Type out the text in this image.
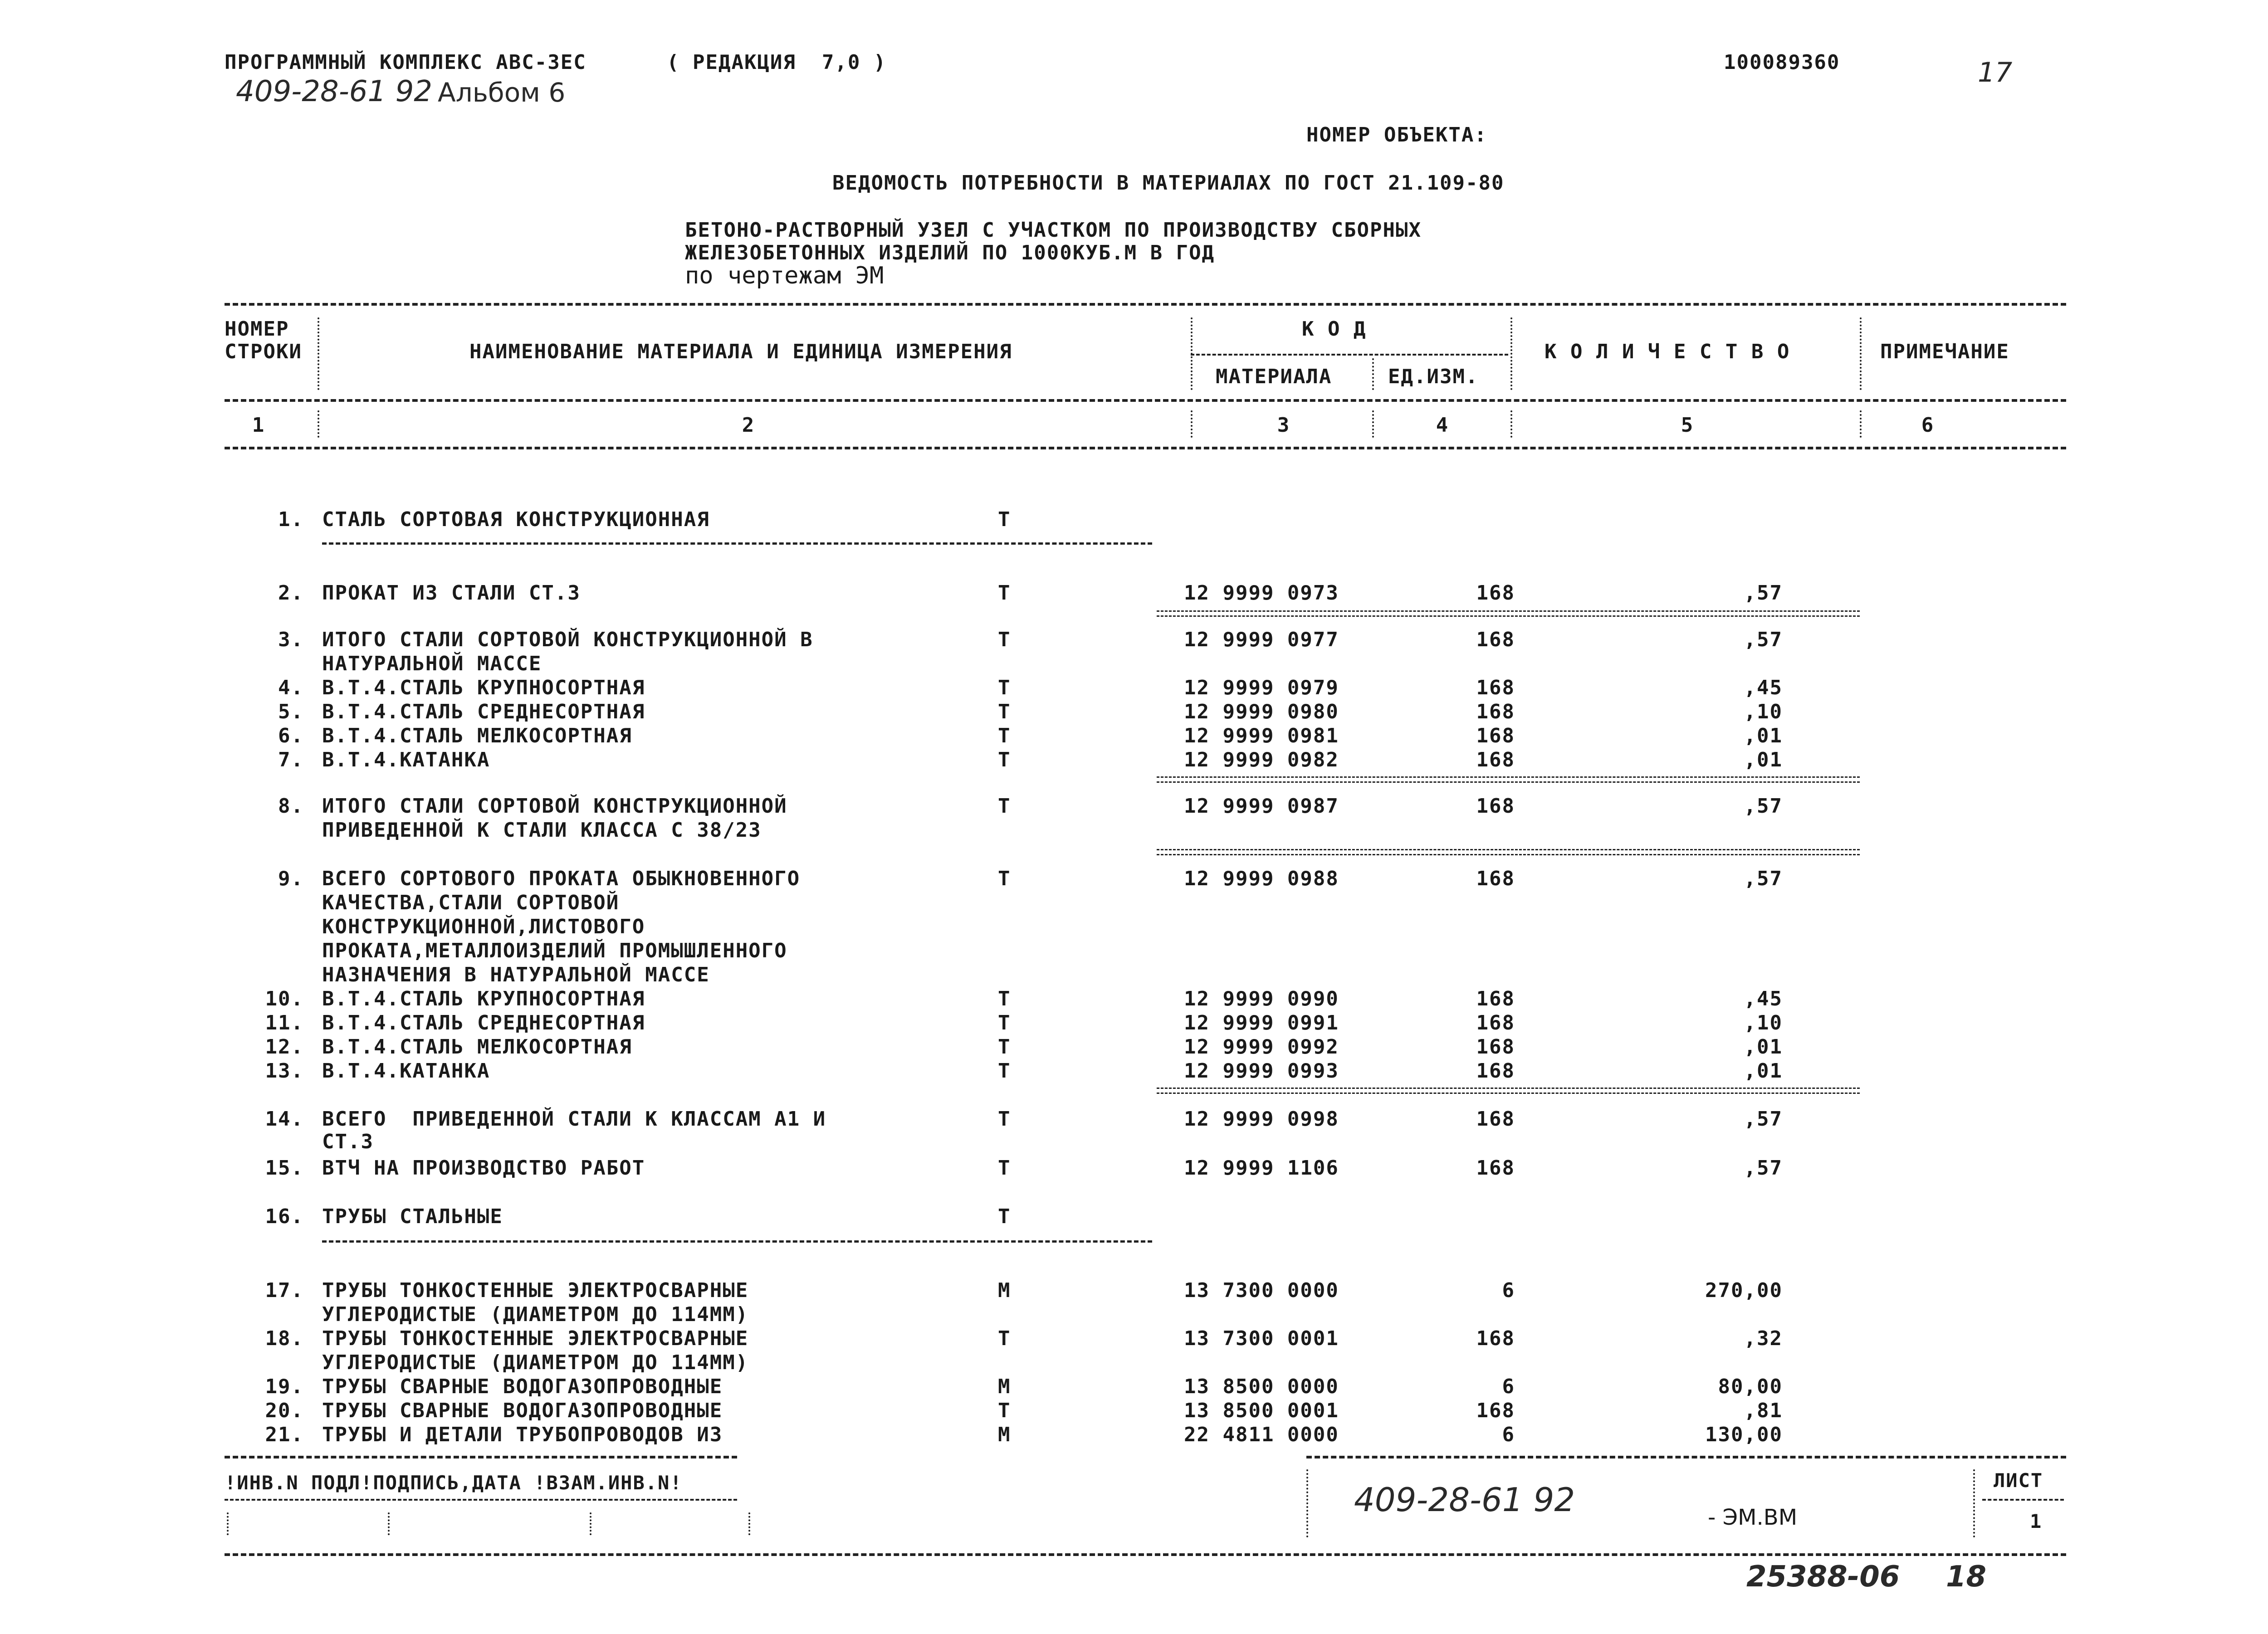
ПРОГРАММНЫЙ КОМПЛЕКС АВС-3ЕС	( РЕДАКЦИЯ  7,0 )
409-28-61 92 Альбом 6
100089360	17
НОМЕР ОБЪЕКТА:
ВЕДОМОСТЬ ПОТРЕБНОСТИ В МАТЕРИАЛАХ ПО ГОСТ 21.109-80
БЕТОНО-РАСТВОРНЫЙ УЗЕЛ С УЧАСТКОМ ПО ПРОИЗВОДСТВУ СБОРНЫХ
ЖЕЛЕЗОБЕТОННЫХ ИЗДЕЛИЙ ПО 1000КУБ.М В ГОД
по чертежам ЭМ
НОМЕР
СТРОКИ	НАИМЕНОВАНИЕ МАТЕРИАЛА И ЕДИНИЦА ИЗМЕРЕНИЯ
К О Д
МАТЕРИАЛА	ЕД.ИЗМ.
К О Л И Ч Е С Т В О	ПРИМЕЧАНИЕ
1	2	3	4	5	6
1. СТАЛЬ СОРТОВАЯ КОНСТРУКЦИОННАЯ	Т
2. ПРОКАТ ИЗ СТАЛИ СТ.3	Т	12 9999 0973	168	,57
3. ИТОГО СТАЛИ СОРТОВОЙ КОНСТРУКЦИОННОЙ В	Т	12 9999 0977	168	,57
НАТУРАЛЬНОЙ МАССЕ
4. В.Т.4.СТАЛЬ КРУПНОСОРТНАЯ	Т	12 9999 0979	168	,45
5. В.Т.4.СТАЛЬ СРЕДНЕСОРТНАЯ	Т	12 9999 0980	168	,10
6. В.Т.4.СТАЛЬ МЕЛКОСОРТНАЯ	Т	12 9999 0981	168	,01
7. В.Т.4.КАТАНКА	Т	12 9999 0982	168	,01
8. ИТОГО СТАЛИ СОРТОВОЙ КОНСТРУКЦИОННОЙ	Т	12 9999 0987	168	,57
ПРИВЕДЕННОЙ К СТАЛИ КЛАССА С 38/23
9. ВСЕГО СОРТОВОГО ПРОКАТА ОБЫКНОВЕННОГО	Т	12 9999 0988	168	,57
КАЧЕСТВА,СТАЛИ СОРТОВОЙ
КОНСТРУКЦИОННОЙ,ЛИСТОВОГО
ПРОКАТА,МЕТАЛЛОИЗДЕЛИЙ ПРОМЫШЛЕННОГО
НАЗНАЧЕНИЯ В НАТУРАЛЬНОЙ МАССЕ
10. В.Т.4.СТАЛЬ КРУПНОСОРТНАЯ	Т	12 9999 0990	168	,45
11. В.Т.4.СТАЛЬ СРЕДНЕСОРТНАЯ	Т	12 9999 0991	168	,10
12. В.Т.4.СТАЛЬ МЕЛКОСОРТНАЯ	Т	12 9999 0992	168	,01
13. В.Т.4.КАТАНКА	Т	12 9999 0993	168	,01
14. ВСЕГО  ПРИВЕДЕННОЙ СТАЛИ К КЛАССАМ А1 И	Т	12 9999 0998	168	,57
СТ.3
15. ВТЧ НА ПРОИЗВОДСТВО РАБОТ	Т	12 9999 1106	168	,57
16. ТРУБЫ СТАЛЬНЫЕ	Т
17. ТРУБЫ ТОНКОСТЕННЫЕ ЭЛЕКТРОСВАРНЫЕ	М	13 7300 0000	6	270,00
УГЛЕРОДИСТЫЕ (ДИАМЕТРОМ ДО 114ММ)
18. ТРУБЫ ТОНКОСТЕННЫЕ ЭЛЕКТРОСВАРНЫЕ	Т	13 7300 0001	168	,32
УГЛЕРОДИСТЫЕ (ДИАМЕТРОМ ДО 114ММ)
19. ТРУБЫ СВАРНЫЕ ВОДОГАЗОПРОВОДНЫЕ	М	13 8500 0000	6	80,00
20. ТРУБЫ СВАРНЫЕ ВОДОГАЗОПРОВОДНЫЕ	Т	13 8500 0001	168	,81
21. ТРУБЫ И ДЕТАЛИ ТРУБОПРОВОДОВ ИЗ	М	22 4811 0000	6	130,00
!ИНВ.N ПОДЛ!ПОДПИСЬ,ДАТА !ВЗАМ.ИНВ.N!	409-28-61 92	- ЭМ.ВМ
ЛИСТ
1
25388-06 18
